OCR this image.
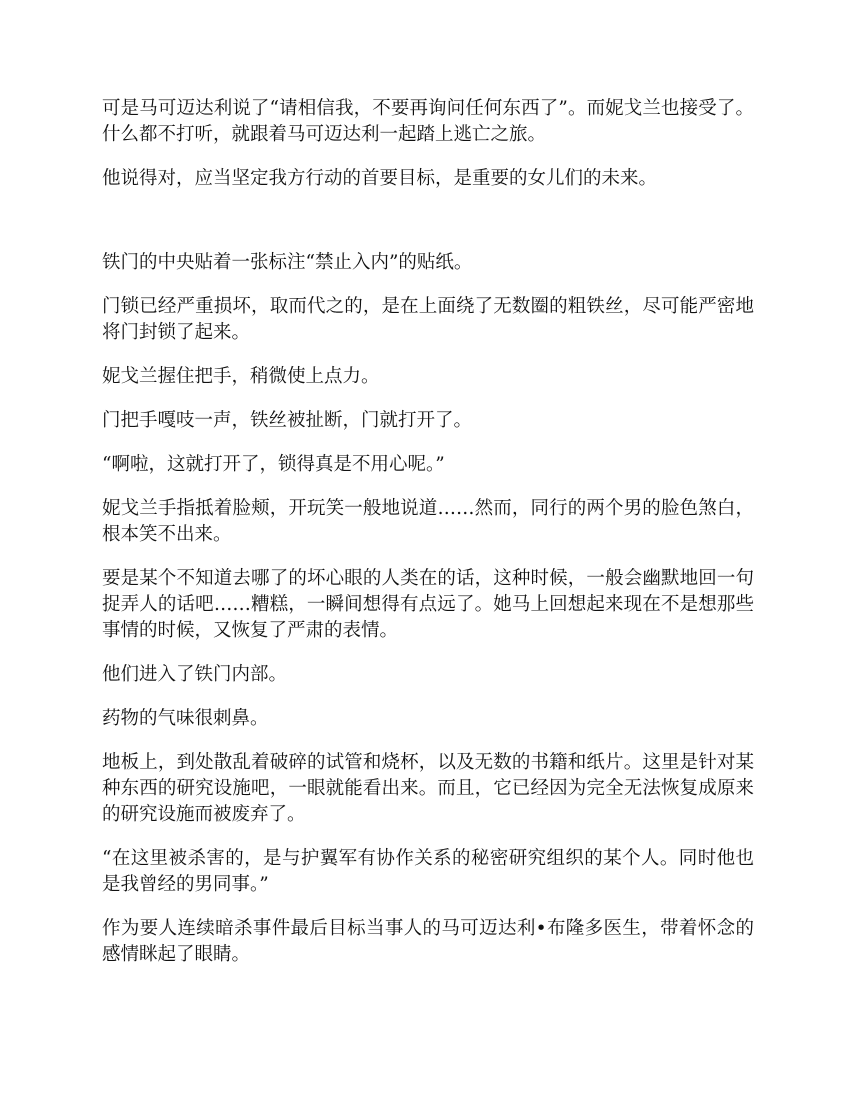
可是马可迈达利说了“请相信我，不要再询问任何东西了”。而妮戈兰也接受了。什么都不打听，就跟着马可迈达利一起踏上逃亡之旅。

他说得对，应当坚定我方行动的首要目标，是重要的女儿们的未来。

铁门的中央贴着一张标注“禁止入内”的贴纸。

门锁已经严重损坏，取而代之的，是在上面绕了无数圈的粗铁丝，尽可能严密地将门封锁了起来。

妮戈兰握住把手，稍微使上点力。

门把手嘎吱一声，铁丝被扯断，门就打开了。

“啊啦，这就打开了，锁得真是不用心呢。”

妮戈兰手指抵着脸颊，开玩笑一般地说道……然而，同行的两个男的脸色煞白，根本笑不出来。

要是某个不知道去哪了的坏心眼的人类在的话，这种时候，一般会幽默地回一句捉弄人的话吧……糟糕，一瞬间想得有点远了。她马上回想起来现在不是想那些事情的时候，又恢复了严肃的表情。

他们进入了铁门内部。

药物的气味很刺鼻。

地板上，到处散乱着破碎的试管和烧杯，以及无数的书籍和纸片。这里是针对某种东西的研究设施吧，一眼就能看出来。而且，它已经因为完全无法恢复成原来的研究设施而被废弃了。

“在这里被杀害的，是与护翼军有协作关系的秘密研究组织的某个人。同时他也是我曾经的男同事。”

作为要人连续暗杀事件最后目标当事人的马可迈达利•布隆多医生，带着怀念的感情眯起了眼睛。
